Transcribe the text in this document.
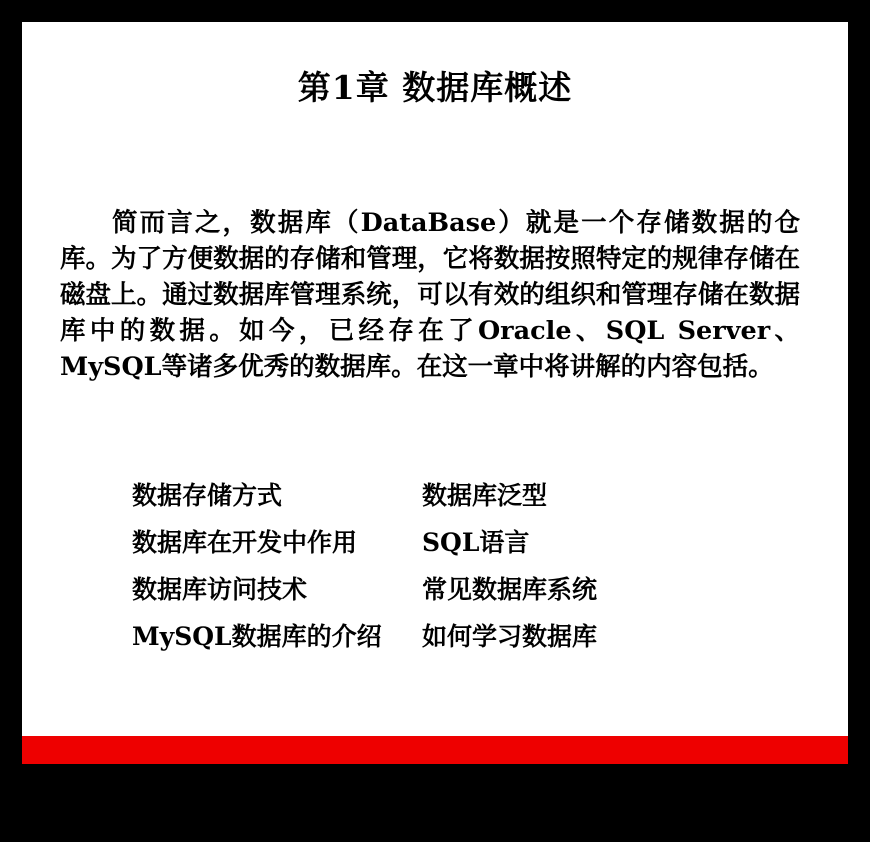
第1章 数据库概述
简而言之，数据库（DataBase）就是一个存储数据的仓库。为了方便数据的存储和管理，它将数据按照特定的规律存储在磁盘上。通过数据库管理系统，可以有效的组织和管理存储在数据库中的数据。如今，已经存在了Oracle、SQL Server、MySQL等诸多优秀的数据库。在这一章中将讲解的内容包括。
数据存储方式	数据库泛型
数据库在开发中作用	SQL语言
数据库访问技术	常见数据库系统
MySQL数据库的介绍	如何学习数据库
